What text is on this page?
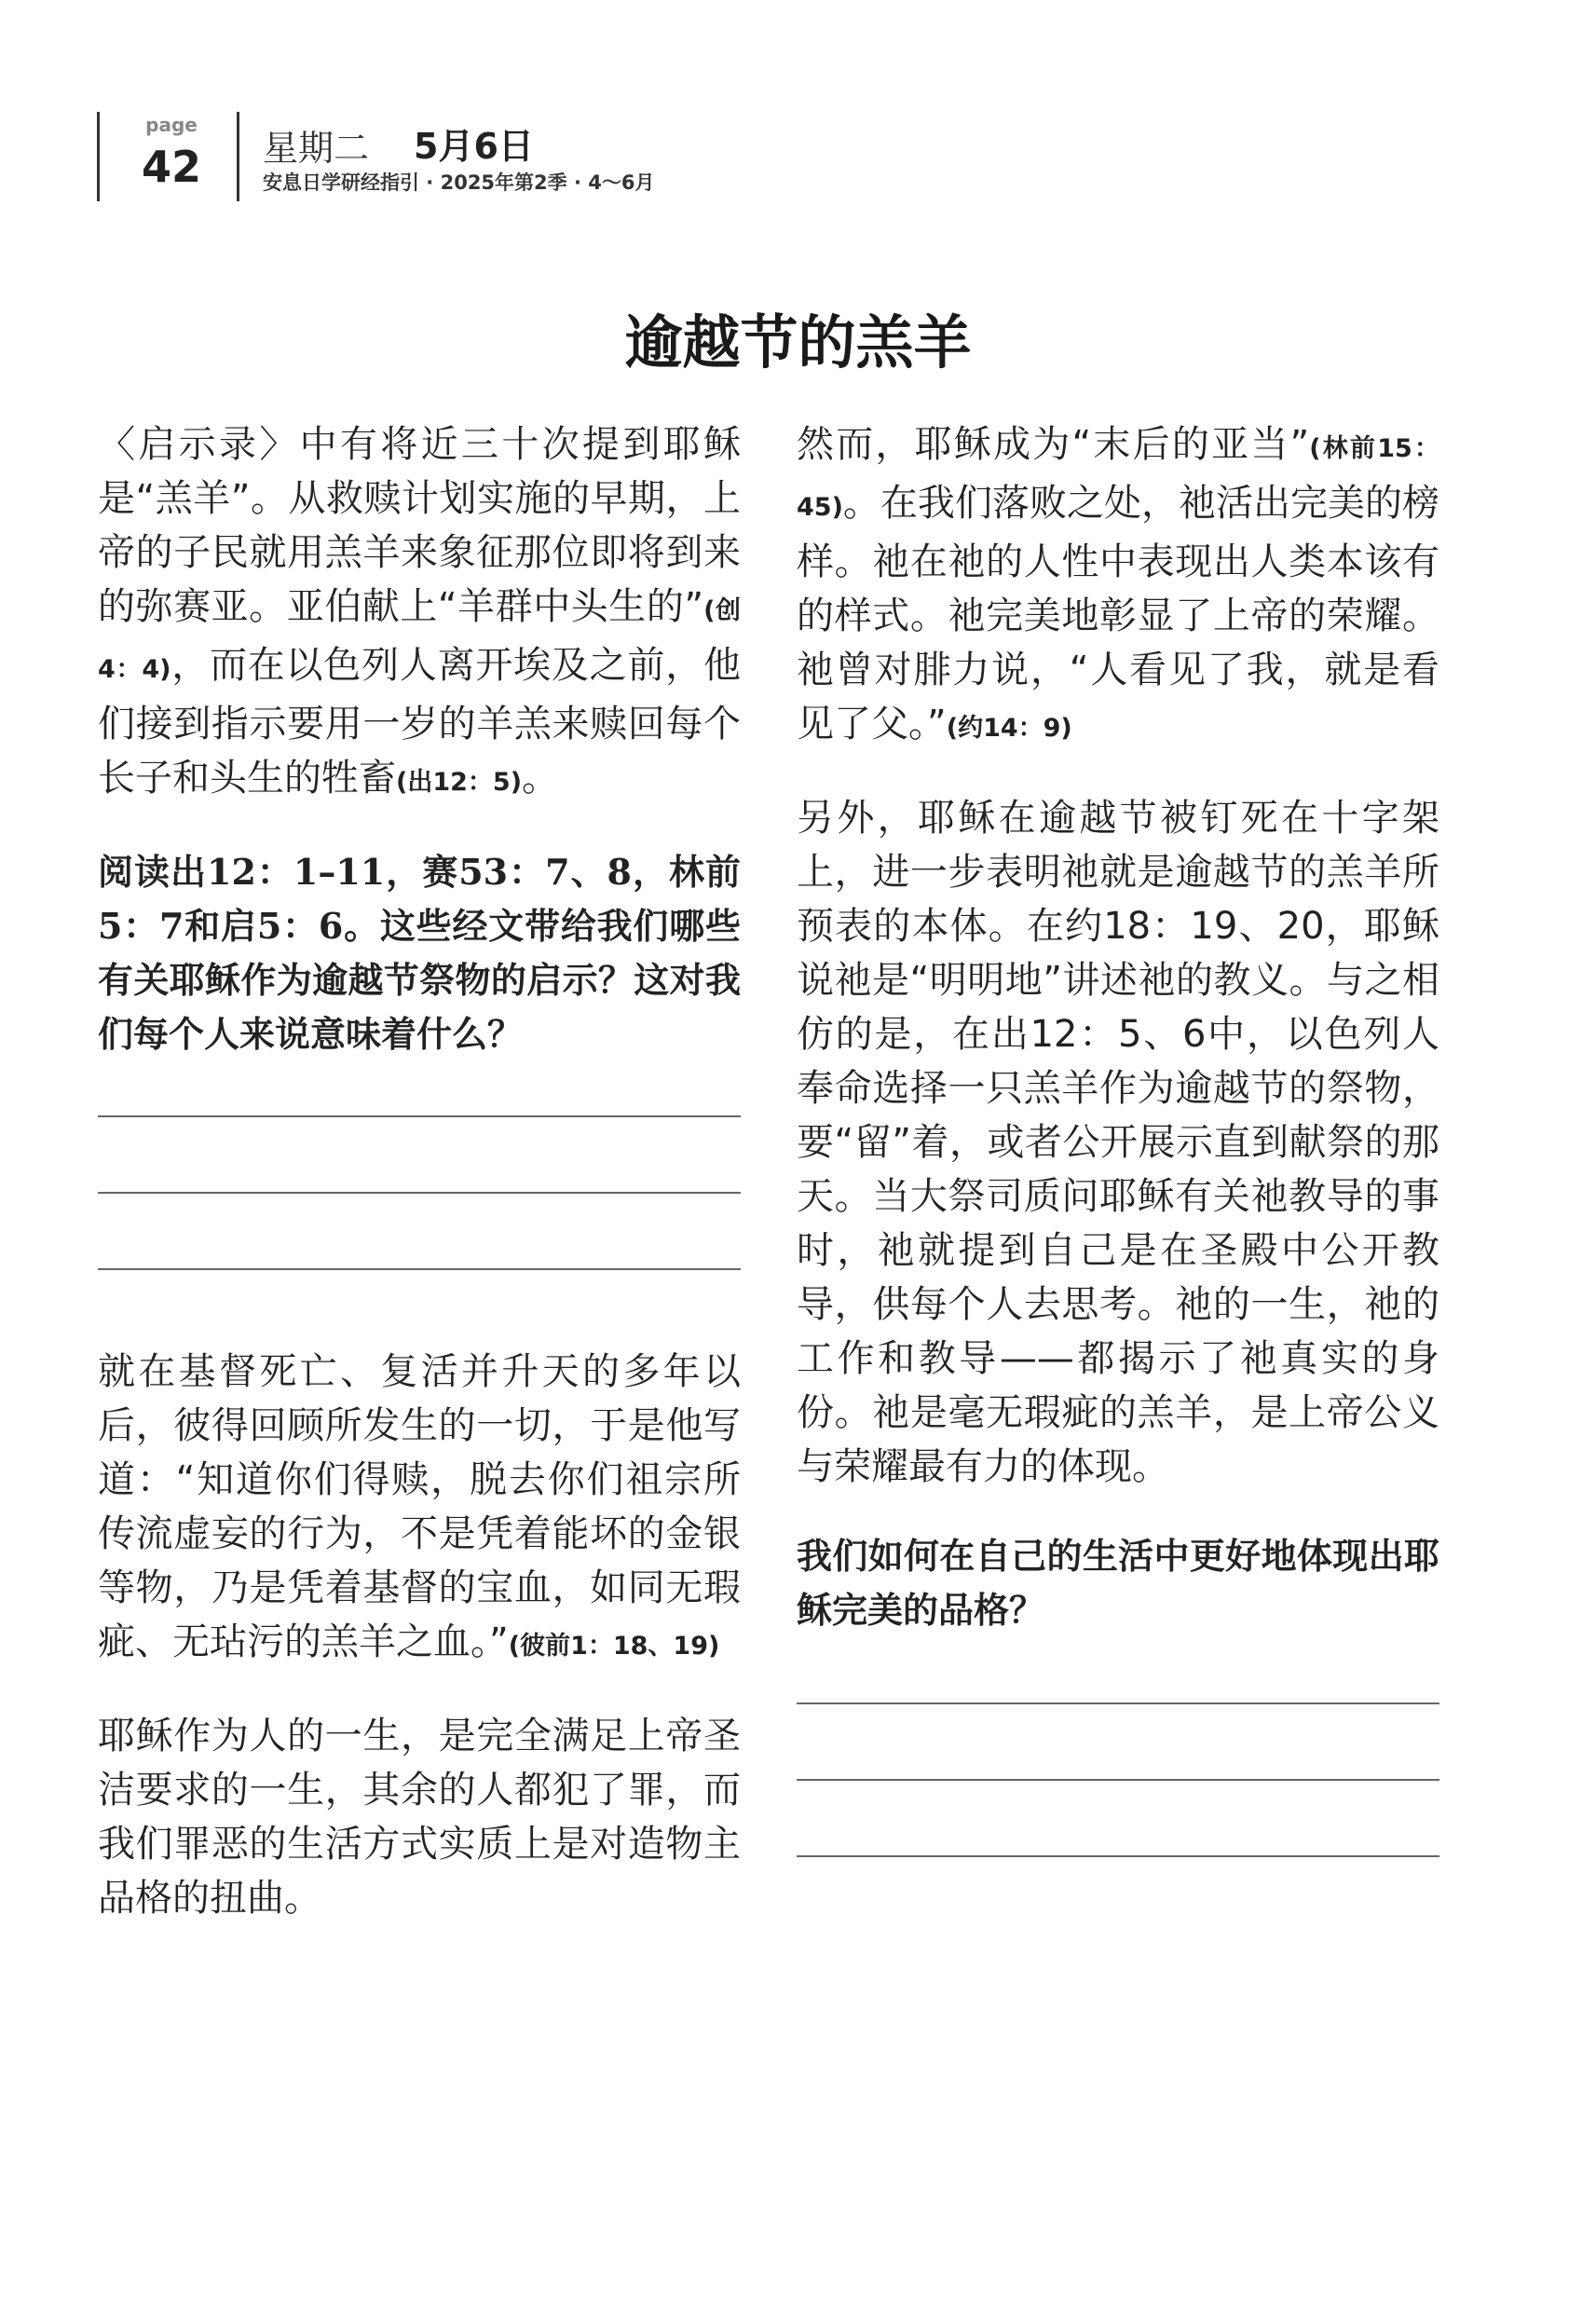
page
42 星期二 5月6日
安息日学研经指引 · 2025年第2季 · 4～6月
逾越节的羔羊

〈启示录〉中有将近三十次提到耶稣是“羔羊”。从救赎计划实施的早期，上帝的子民就用羔羊来象征那位即将到来的弥赛亚。亚伯献上“羊群中头生的”(创4：4)，而在以色列人离开埃及之前，他们接到指示要用一岁的羊羔来赎回每个长子和头生的牲畜(出12：5)。

阅读出12：1–11，赛53：7、8，林前5：7和启5：6。这些经文带给我们哪些有关耶稣作为逾越节祭物的启示？这对我们每个人来说意味着什么？

就在基督死亡、复活并升天的多年以后，彼得回顾所发生的一切，于是他写道：“知道你们得赎，脱去你们祖宗所传流虚妄的行为，不是凭着能坏的金银等物，乃是凭着基督的宝血，如同无瑕疵、无玷污的羔羊之血。”(彼前1：18、19)

耶稣作为人的一生，是完全满足上帝圣洁要求的一生，其余的人都犯了罪，而我们罪恶的生活方式实质上是对造物主品格的扭曲。

然而，耶稣成为“末后的亚当”(林前15：45)。在我们落败之处，祂活出完美的榜样。祂在祂的人性中表现出人类本该有的样式。祂完美地彰显了上帝的荣耀。祂曾对腓力说，“人看见了我，就是看见了父。”(约14：9)

另外，耶稣在逾越节被钉死在十字架上，进一步表明祂就是逾越节的羔羊所预表的本体。在约18：19、20，耶稣说祂是“明明地”讲述祂的教义。与之相仿的是，在出12：5、6中，以色列人奉命选择一只羔羊作为逾越节的祭物，要“留”着，或者公开展示直到献祭的那天。当大祭司质问耶稣有关祂教导的事时，祂就提到自己是在圣殿中公开教导，供每个人去思考。祂的一生，祂的工作和教导——都揭示了祂真实的身份。祂是毫无瑕疵的羔羊，是上帝公义与荣耀最有力的体现。

我们如何在自己的生活中更好地体现出耶稣完美的品格？
